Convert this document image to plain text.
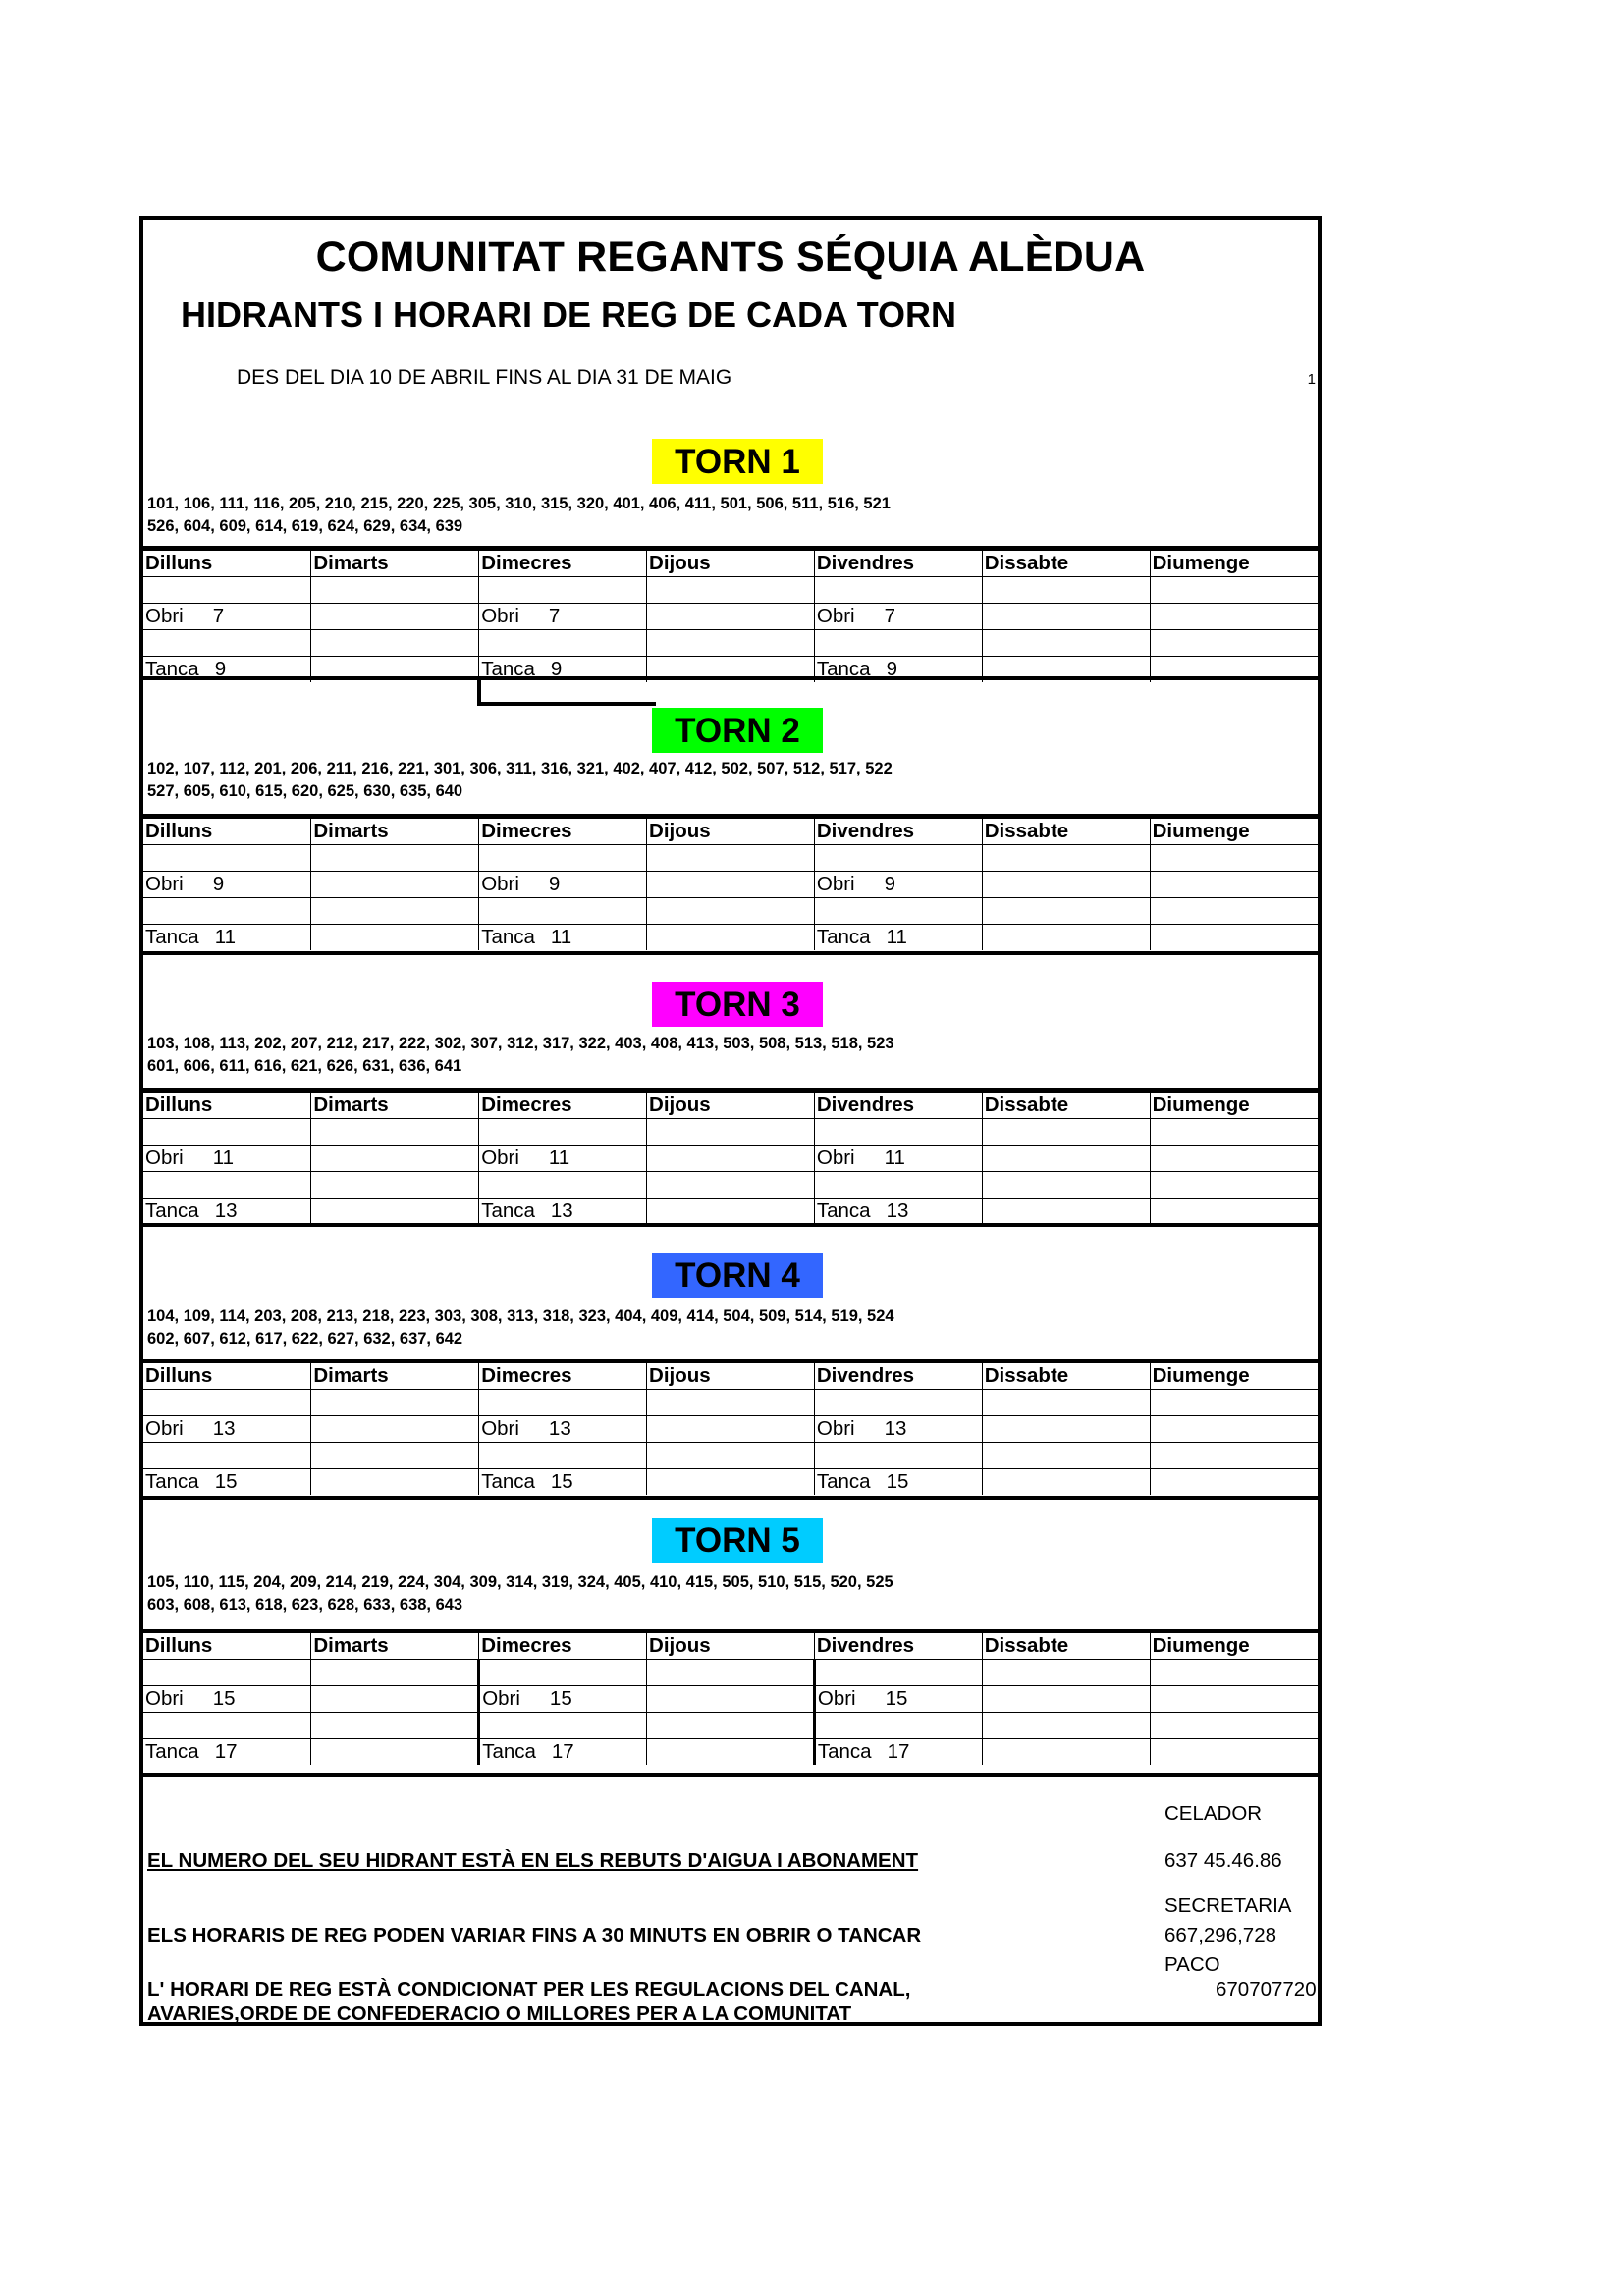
COMUNITAT REGANTS SÉQUIA ALÈDUA
HIDRANTS I HORARI DE REG DE CADA TORN
DES DEL DIA 10 DE ABRIL FINS AL DIA 31 DE MAIG	1
TORN 1
101, 106, 111, 116, 205, 210, 215, 220, 225, 305, 310, 315, 320, 401, 406, 411, 501, 506, 511, 516, 521
526, 604, 609, 614, 619, 624, 629, 634, 639
Dilluns	Dimarts	Dimecres	Dijous	Divendres	Dissabte	Diumenge

Obri 7		Obri 7		Obri 7		

Tanca 9		Tanca 9		Tanca 9		
TORN 2
102, 107, 112, 201, 206, 211, 216, 221, 301, 306, 311, 316, 321, 402, 407, 412, 502, 507, 512, 517, 522
527, 605, 610, 615, 620, 625, 630, 635, 640
Dilluns	Dimarts	Dimecres	Dijous	Divendres	Dissabte	Diumenge

Obri 9		Obri 9		Obri 9		

Tanca 11		Tanca 11		Tanca 11		
TORN 3
103, 108, 113, 202, 207, 212, 217, 222, 302, 307, 312, 317, 322, 403, 408, 413, 503, 508, 513, 518, 523
601, 606, 611, 616, 621, 626, 631, 636, 641
Dilluns	Dimarts	Dimecres	Dijous	Divendres	Dissabte	Diumenge

Obri 11		Obri 11		Obri 11		

Tanca 13		Tanca 13		Tanca 13		
TORN 4
104, 109, 114, 203, 208, 213, 218, 223, 303, 308, 313, 318, 323, 404, 409, 414, 504, 509, 514, 519, 524
602, 607, 612, 617, 622, 627, 632, 637, 642
Dilluns	Dimarts	Dimecres	Dijous	Divendres	Dissabte	Diumenge

Obri 13		Obri 13		Obri 13		

Tanca 15		Tanca 15		Tanca 15		
TORN 5
105, 110, 115, 204, 209, 214, 219, 224, 304, 309, 314, 319, 324, 405, 410, 415, 505, 510, 515, 520, 525
603, 608, 613, 618, 623, 628, 633, 638, 643
Dilluns	Dimarts	Dimecres	Dijous	Divendres	Dissabte	Diumenge

Obri 15		Obri 15		Obri 15		

Tanca 17		Tanca 17		Tanca 17		
CELADOR
EL NUMERO DEL SEU HIDRANT ESTÀ EN ELS REBUTS D'AIGUA I ABONAMENT	637 45.46.86
SECRETARIA
ELS HORARIS DE REG PODEN VARIAR FINS A 30 MINUTS EN OBRIR O TANCAR	667,296,728
PACO
L' HORARI DE REG ESTÀ CONDICIONAT PER LES REGULACIONS DEL CANAL,	670707720
AVARIES,ORDE DE CONFEDERACIO O MILLORES PER A LA COMUNITAT
